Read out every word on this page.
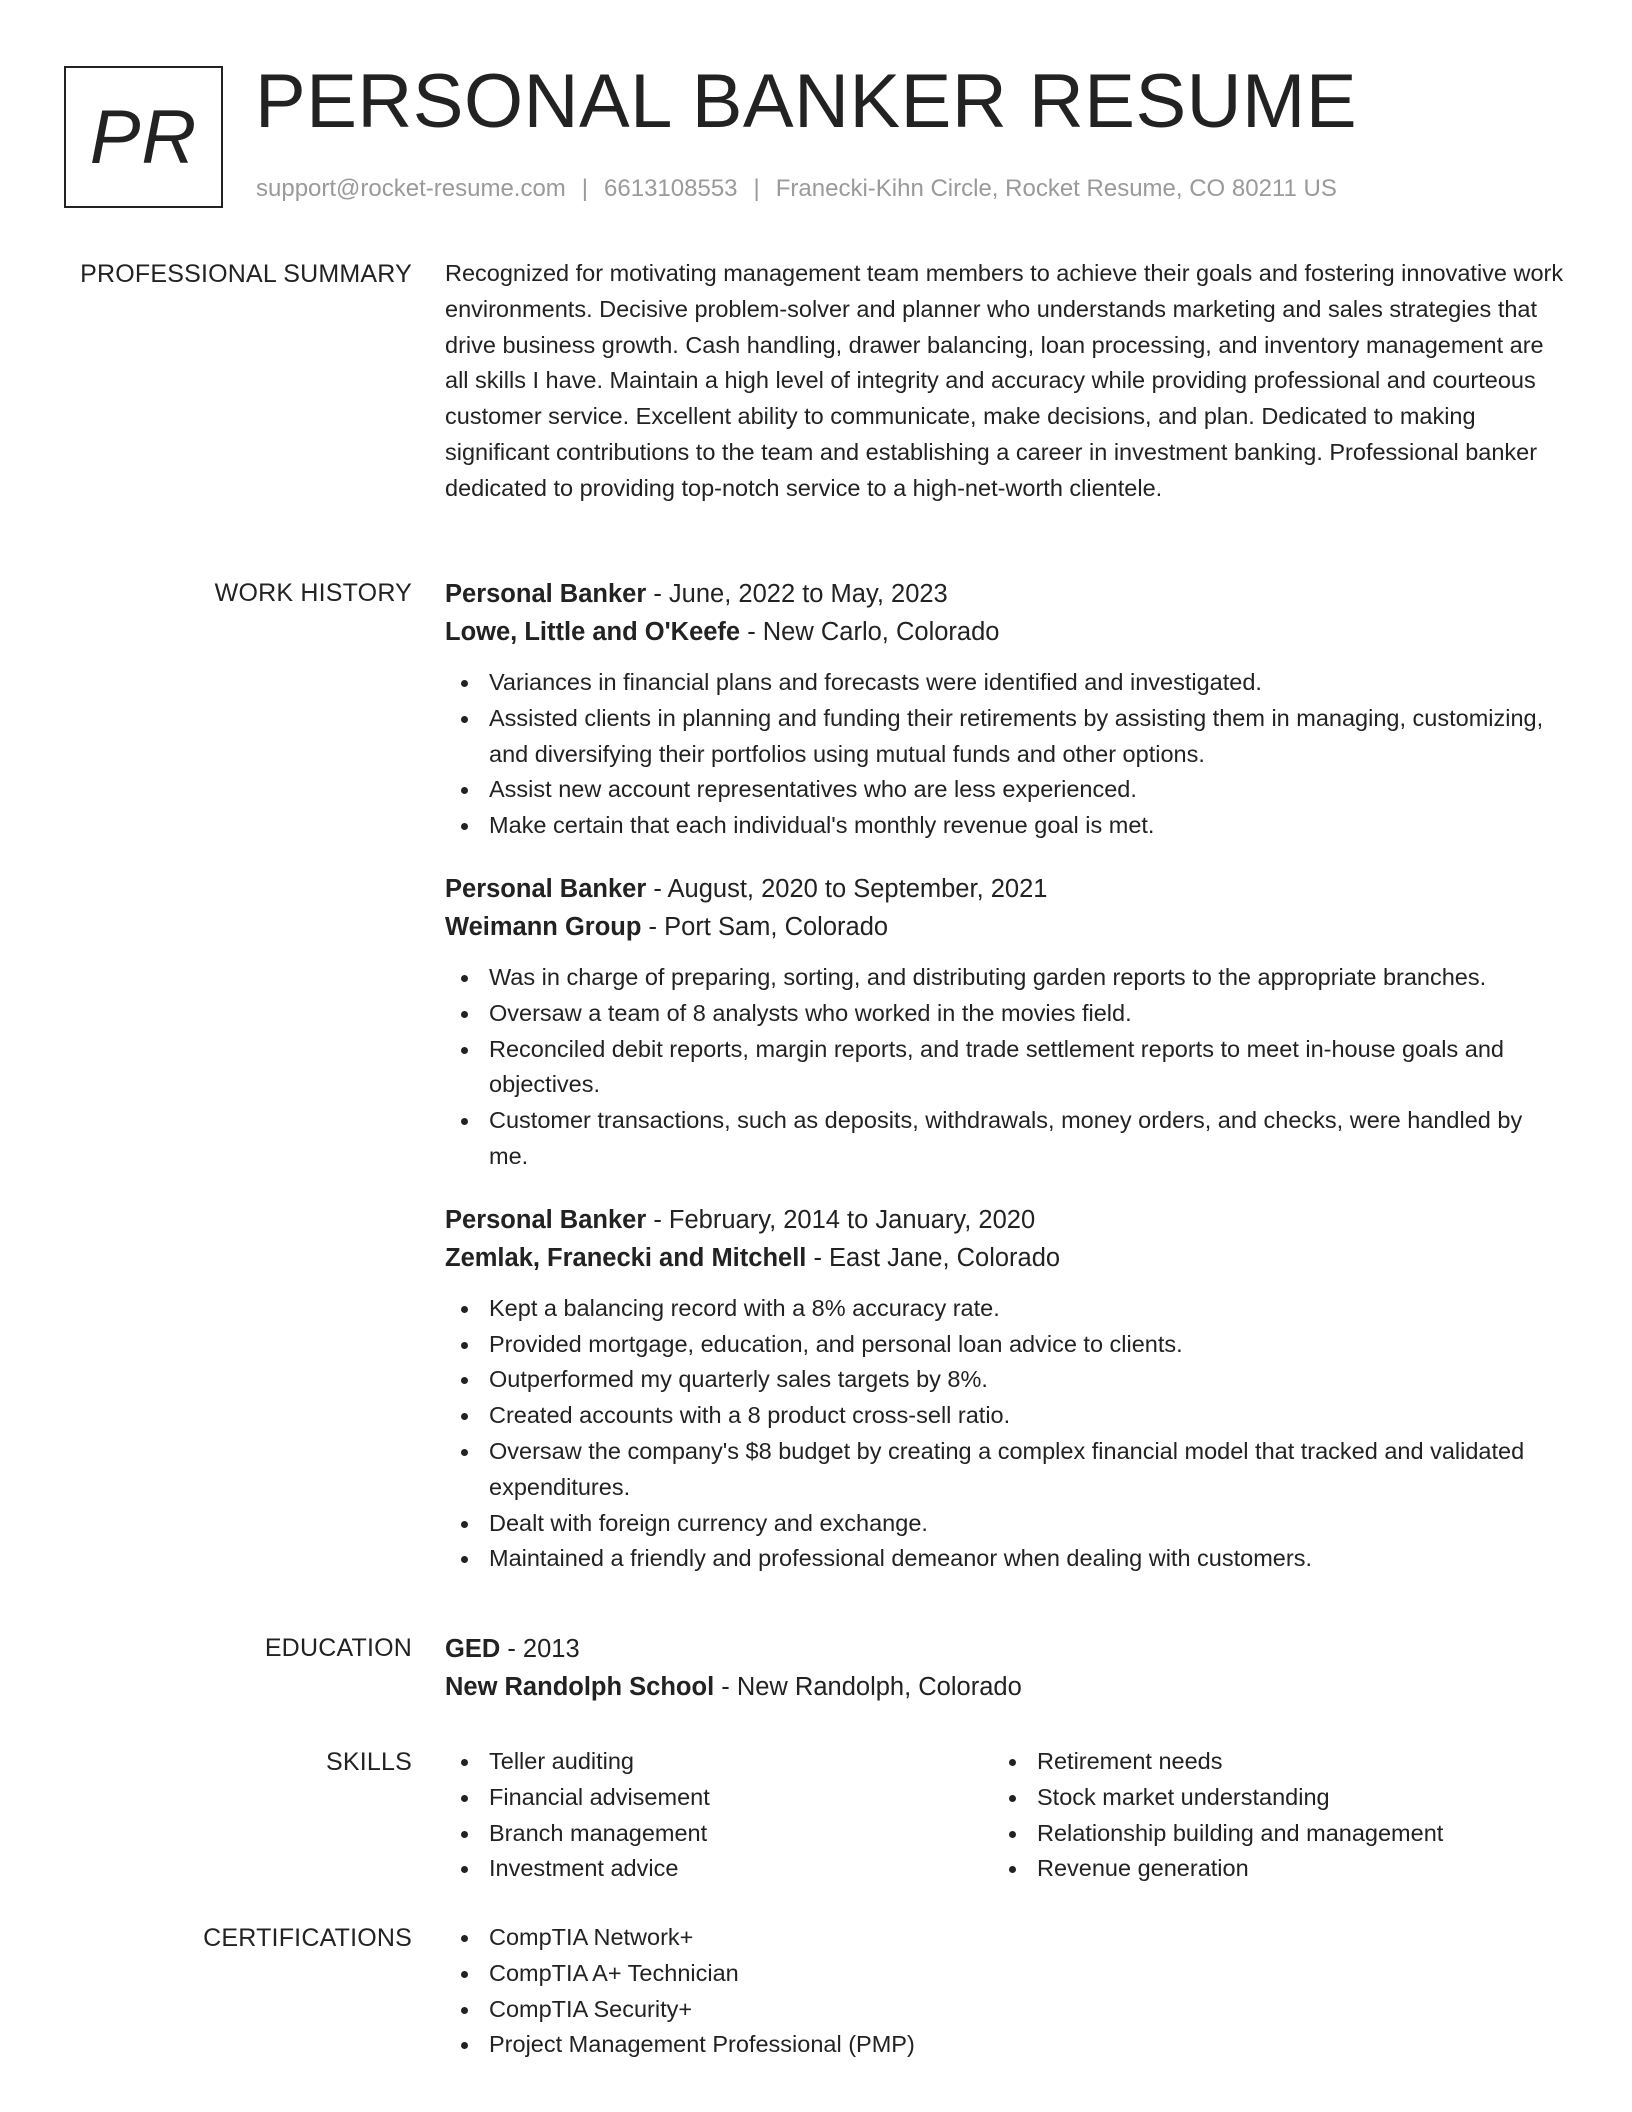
PR PERSONAL BANKER RESUME
support@rocket-resume.com | 6613108553 | Franecki-Kihn Circle, Rocket Resume, CO 80211 US
PROFESSIONAL SUMMARY Recognized for motivating management team members to achieve their goals and fostering innovative work environments. Decisive problem-solver and planner who understands marketing and sales strategies that drive business growth. Cash handling, drawer balancing, loan processing, and inventory management are all skills I have. Maintain a high level of integrity and accuracy while providing professional and courteous customer service. Excellent ability to communicate, make decisions, and plan. Dedicated to making significant contributions to the team and establishing a career in investment banking. Professional banker dedicated to providing top-notch service to a high-net-worth clientele.

WORK HISTORY Personal Banker - June, 2022 to May, 2023
Lowe, Little and O'Keefe - New Carlo, Colorado
Variances in financial plans and forecasts were identified and investigated.
Assisted clients in planning and funding their retirements by assisting them in managing, customizing, and diversifying their portfolios using mutual funds and other options.
Assist new account representatives who are less experienced.
Make certain that each individual's monthly revenue goal is met.
Personal Banker - August, 2020 to September, 2021
Weimann Group - Port Sam, Colorado
Was in charge of preparing, sorting, and distributing garden reports to the appropriate branches.
Oversaw a team of 8 analysts who worked in the movies field.
Reconciled debit reports, margin reports, and trade settlement reports to meet in-house goals and objectives.
Customer transactions, such as deposits, withdrawals, money orders, and checks, were handled by me.
Personal Banker - February, 2014 to January, 2020
Zemlak, Franecki and Mitchell - East Jane, Colorado
Kept a balancing record with a 8% accuracy rate.
Provided mortgage, education, and personal loan advice to clients.
Outperformed my quarterly sales targets by 8%.
Created accounts with a 8 product cross-sell ratio.
Oversaw the company's $8 budget by creating a complex financial model that tracked and validated expenditures.
Dealt with foreign currency and exchange.
Maintained a friendly and professional demeanor when dealing with customers.
EDUCATION GED - 2013
New Randolph School - New Randolph, Colorado
SKILLS	Teller auditing
Financial advisement
Branch management
Investment advice
Retirement needs
Stock market understanding
Relationship building and management
Revenue generation
CERTIFICATIONS	CompTIA Network+
CompTIA A+ Technician
CompTIA Security+
Project Management Professional (PMP)
